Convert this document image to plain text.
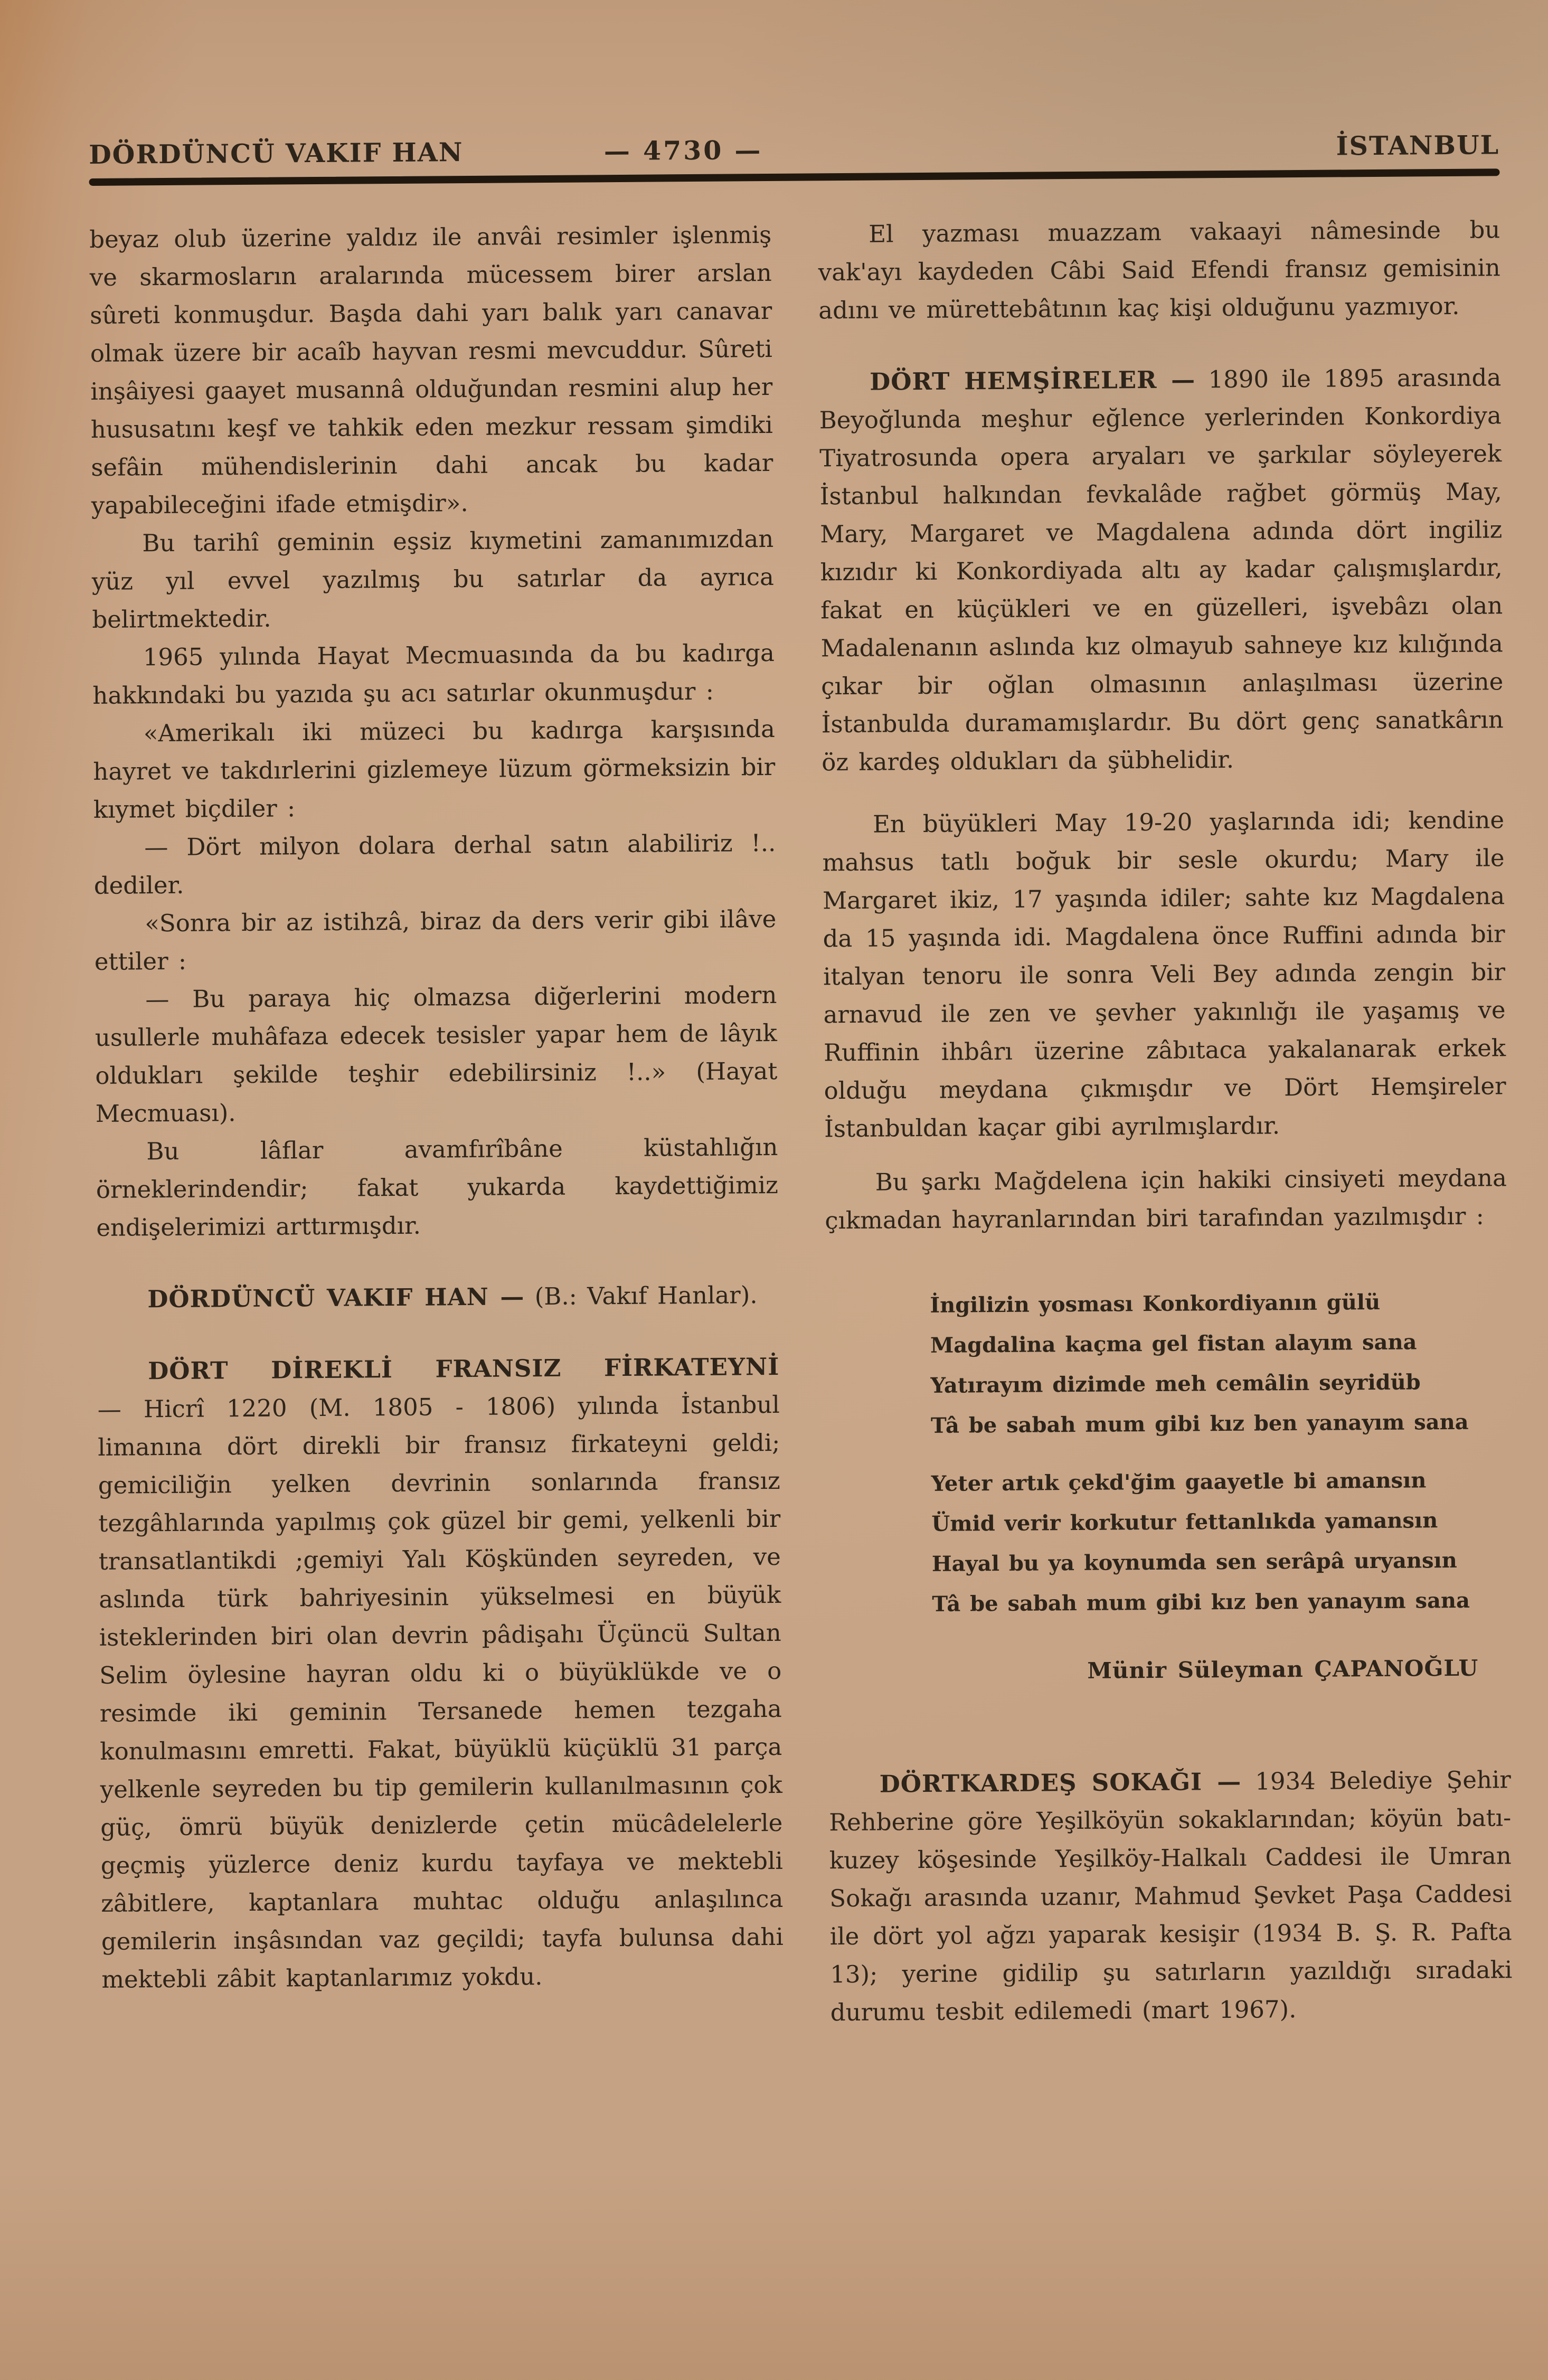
DÖRDÜNCÜ VAKIF HAN	— 4730 —	İSTANBUL
beyaz olub üzerine yaldız ile anvâi resimler işlenmiş ve skarmosların aralarında mücessem birer arslan sûreti konmuşdur. Başda dahi yarı balık yarı canavar olmak üzere bir acaîb hayvan resmi mevcuddur. Sûreti inşâiyesi gaayet musannâ olduğundan resmini alup her hususatını keşf ve tahkik eden mezkur ressam şimdiki sefâin mühendislerinin dahi ancak bu kadar yapabileceğini ifade etmişdir».
Bu tarihî geminin eşsiz kıymetini zamanımızdan yüz yıl evvel yazılmış bu satırlar da ayrıca belirtmektedir.
1965 yılında Hayat Mecmuasında da bu kadırga hakkındaki bu yazıda şu acı satırlar okunmuşdur :
«Amerikalı iki müzeci bu kadırga karşısında hayret ve takdırlerini gizlemeye lüzum görmeksizin bir kıymet biçdiler :
— Dört milyon dolara derhal satın alabiliriz !.. dediler.
«Sonra bir az istihzâ, biraz da ders verir gibi ilâve ettiler :
— Bu paraya hiç olmazsa diğerlerini modern usullerle muhâfaza edecek tesisler yapar hem de lâyık oldukları şekilde teşhir edebilirsiniz !..» (Hayat Mecmuası).
Bu lâflar avamfırîbâne küstahlığın örneklerindendir; fakat yukarda kaydettiğimiz endişelerimizi arttırmışdır.
DÖRDÜNCÜ VAKIF HAN — (B.: Vakıf Hanlar).
DÖRT DİREKLİ FRANSIZ FİRKATEYNİ
— Hicrî 1220 (M. 1805 - 1806) yılında İstanbul limanına dört direkli bir fransız firkateyni geldi; gemiciliğin yelken devrinin sonlarında fransız tezgâhlarında yapılmış çok güzel bir gemi, yelkenli bir transatlantikdi ;gemiyi Yalı Köşkünden seyreden, ve aslında türk bahriyesinin yükselmesi en büyük isteklerinden biri olan devrin pâdişahı Üçüncü Sultan Selim öylesine hayran oldu ki o büyüklükde ve o resimde iki geminin Tersanede hemen tezgaha konulmasını emretti. Fakat, büyüklü küçüklü 31 parça yelkenle seyreden bu tip gemilerin kullanılmasının çok güç, ömrü büyük denizlerde çetin mücâdelelerle geçmiş yüzlerce deniz kurdu tayfaya ve mektebli zâbitlere, kaptanlara muhtac olduğu anlaşılınca gemilerin inşâsından vaz geçildi; tayfa bulunsa dahi mektebli zâbit kaptanlarımız yokdu.
El yazması muazzam vakaayi nâmesinde bu vak'ayı kaydeden Câbi Said Efendi fransız gemisinin adını ve mürettebâtının kaç kişi olduğunu yazmıyor.
DÖRT HEMŞİRELER — 1890 ile 1895 arasında Beyoğlunda meşhur eğlence yerlerinden Konkordiya Tiyatrosunda opera aryaları ve şarkılar söyleyerek İstanbul halkından fevkalâde rağbet görmüş May, Mary, Margaret ve Magdalena adında dört ingiliz kızıdır ki Konkordiyada altı ay kadar çalışmışlardır, fakat en küçükleri ve en güzelleri, işvebâzı olan Madalenanın aslında kız olmayub sahneye kız kılığında çıkar bir oğlan olmasının anlaşılması üzerine İstanbulda duramamışlardır. Bu dört genç sanatkârın öz kardeş oldukları da şübhelidir.
En büyükleri May 19-20 yaşlarında idi; kendine mahsus tatlı boğuk bir sesle okurdu; Mary ile Margaret ikiz, 17 yaşında idiler; sahte kız Magdalena da 15 yaşında idi. Magdalena önce Ruffini adında bir italyan tenoru ile sonra Veli Bey adında zengin bir arnavud ile zen ve şevher yakınlığı ile yaşamış ve Ruffinin ihbârı üzerine zâbıtaca yakalanarak erkek olduğu meydana çıkmışdır ve Dört Hemşireler İstanbuldan kaçar gibi ayrılmışlardır.
Bu şarkı Mağdelena için hakiki cinsiyeti meydana çıkmadan hayranlarından biri tarafından yazılmışdır :
İngilizin yosması Konkordiyanın gülü
Magdalina kaçma gel fistan alayım sana
Yatırayım dizimde meh cemâlin seyridüb
Tâ be sabah mum gibi kız ben yanayım sana
Yeter artık çekd'ğim gaayetle bi amansın
Ümid verir korkutur fettanlıkda yamansın
Hayal bu ya koynumda sen serâpâ uryansın
Tâ be sabah mum gibi kız ben yanayım sana
Münir Süleyman ÇAPANOĞLU
DÖRTKARDEŞ SOKAĞI — 1934 Belediye Şehir Rehberine göre Yeşilköyün sokaklarından; köyün batı-kuzey köşesinde Yeşilköy-Halkalı Caddesi ile Umran Sokağı arasında uzanır, Mahmud Şevket Paşa Caddesi ile dört yol ağzı yaparak kesişir (1934 B. Ş. R. Pafta 13); yerine gidilip şu satırların yazıldığı sıradaki durumu tesbit edilemedi (mart 1967).
